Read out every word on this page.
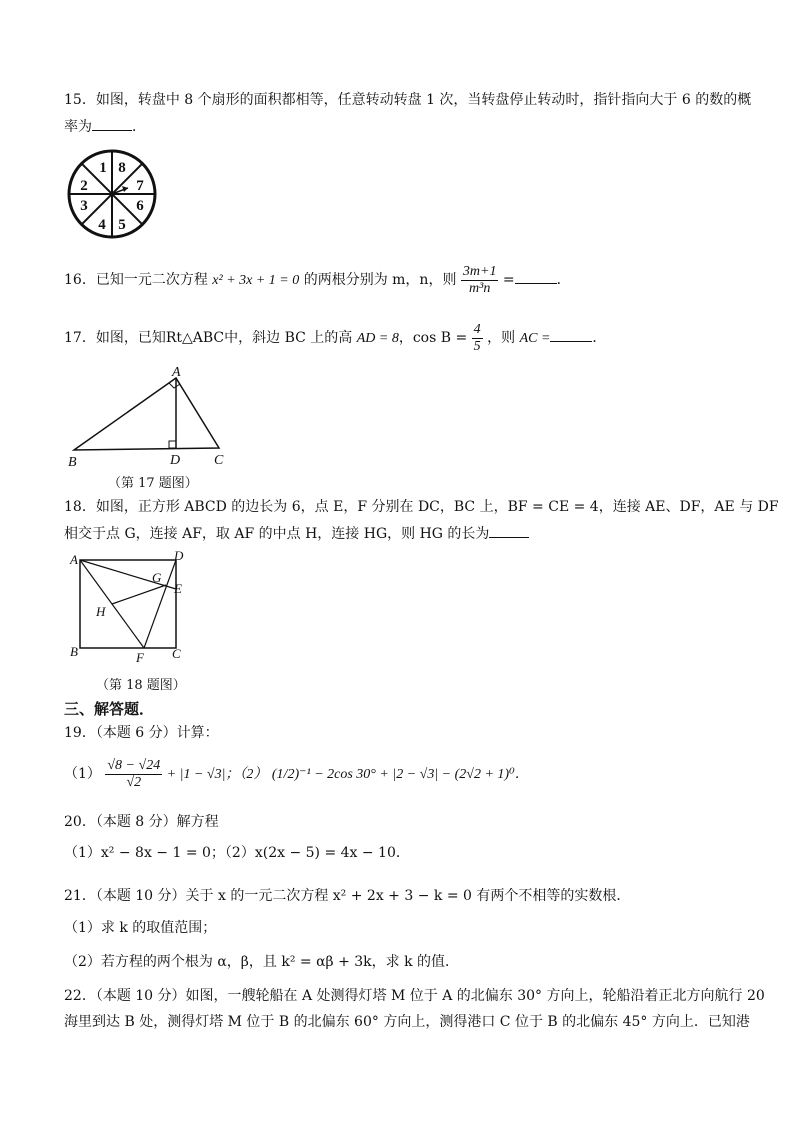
15．如图，转盘中 8 个扇形的面积都相等，任意转动转盘 1 次，当转盘停止转动时，指针指向大于 6 的数的概
率为	．
1 8
7
6
5
4
3
2
16．已知一元二次方程 x² + 3x + 1 = 0 的两根分别为 m，n，则 $\frac{3m+1}{\text{m³n}}$ =	．
17．如图，已知Rt△ABC中，斜边 BC 上的高 AD = 8，$\cos B = \frac{4}{5}$ ，则 AC =	．
A
B	D C
（第 17 题图）
18．如图，正方形 ABCD 的边长为 6，点 E，F 分别在 DC，BC 上，BF = CE = 4，连接 AE、DF，AE 与 DF
相交于点 G，连接 AF，取 AF 的中点 H，连接 HG，则 HG 的长为
A	D
G
E
H
B	F C
（第 18 题图）
三、解答题．
19．（本题 6 分）计算：
$(1) \frac{√8 - √24}{√2} + |1 - √3|$；（2） (1/2)⁻¹ − 2cos 30° + |2 − √3| − (2√2 + 1)⁰．
20．（本题 8 分）解方程
（1）x² − 8x − 1 = 0；（2）x(2x − 5) = 4x − 10．
21．（本题 10 分）关于 x 的一元二次方程 x² + 2x + 3 − k = 0 有两个不相等的实数根．
（1）求 k 的取值范围；
（2）若方程的两个根为 α，β，且 k² = αβ + 3k，求 k 的值．
22．（本题 10 分）如图，一艘轮船在 A 处测得灯塔 M 位于 A 的北偏东 30° 方向上，轮船沿着正北方向航行 20
海里到达 B 处，测得灯塔 M 位于 B 的北偏东 60° 方向上，测得港口 C 位于 B 的北偏东 45° 方向上．已知港
